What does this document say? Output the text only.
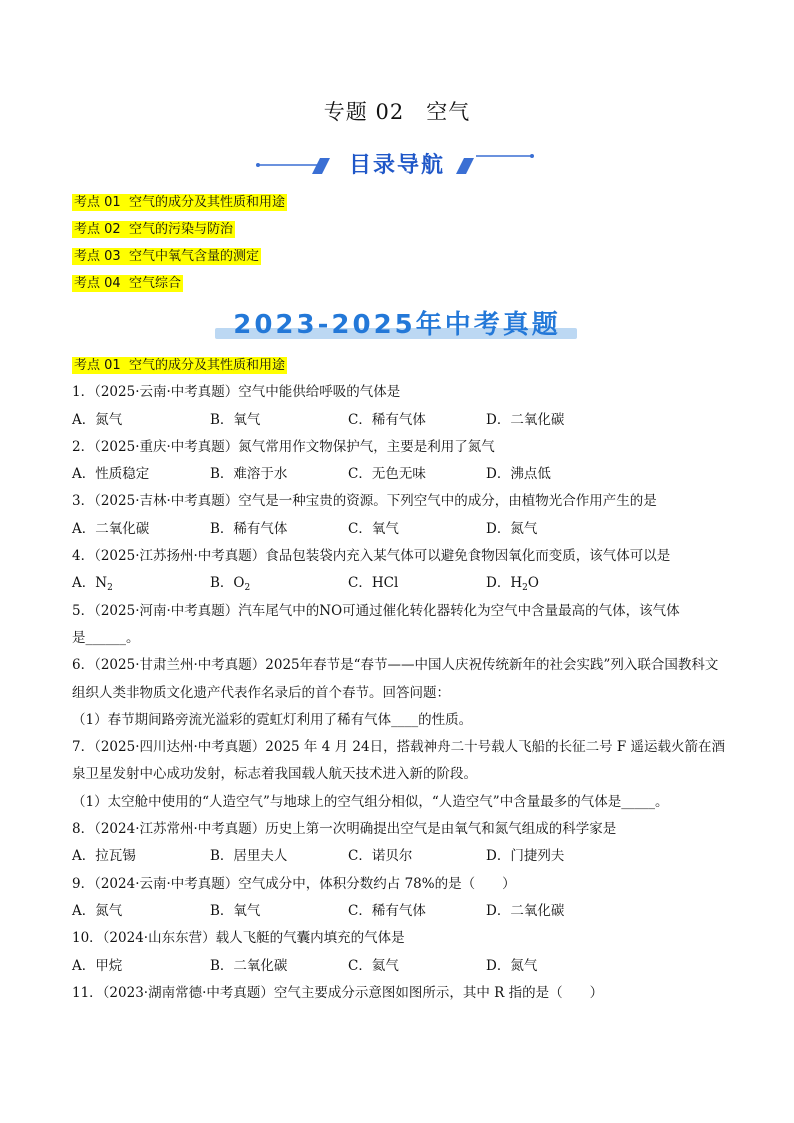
专题 02　空气
目录导航
考点 01 空气的成分及其性质和用途
考点 02 空气的污染与防治
考点 03 空气中氧气含量的测定
考点 04 空气综合
2023-2025年中考真题
考点 01 空气的成分及其性质和用途
1．（2025·云南·中考真题）空气中能供给呼吸的气体是
A．氮气	B．氧气	C．稀有气体	D．二氧化碳
2．（2025·重庆·中考真题）氮气常用作文物保护气，主要是利用了氮气
A．性质稳定	B．难溶于水	C．无色无味	D．沸点低
3．（2025·吉林·中考真题）空气是一种宝贵的资源。下列空气中的成分，由植物光合作用产生的是
A．二氧化碳	B．稀有气体	C．氧气	D．氮气
4．（2025·江苏扬州·中考真题）食品包装袋内充入某气体可以避免食物因氧化而变质，该气体可以是
A．$N_2$	B．$O_2$	C．HCl	D．$H_2O$
5．（2025·河南·中考真题）汽车尾气中的NO可通过催化转化器转化为空气中含量最高的气体，该气体
是______。
6．（2025·甘肃兰州·中考真题）2025年春节是“春节——中国人庆祝传统新年的社会实践”列入联合国教科文
组织人类非物质文化遗产代表作名录后的首个春节。回答问题：
（1）春节期间路旁流光溢彩的霓虹灯利用了稀有气体____的性质。
7．（2025·四川达州·中考真题）2025 年 4 月 24日，搭载神舟二十号载人飞船的长征二号 F 遥运载火箭在酒
泉卫星发射中心成功发射，标志着我国载人航天技术进入新的阶段。
（1）太空舱中使用的“人造空气”与地球上的空气组分相似，“人造空气”中含量最多的气体是_____。
8．（2024·江苏常州·中考真题）历史上第一次明确提出空气是由氧气和氮气组成的科学家是
A．拉瓦锡	B．居里夫人	C．诺贝尔	D．门捷列夫
9．（2024·云南·中考真题）空气成分中，体积分数约占 78%的是（　　）
A．氮气	B．氧气	C．稀有气体	D．二氧化碳
10．（2024·山东东营）载人飞艇的气囊内填充的气体是
A．甲烷	B．二氧化碳	C．氦气	D．氮气
11．（2023·湖南常德·中考真题）空气主要成分示意图如图所示，其中 R 指的是（　　）
